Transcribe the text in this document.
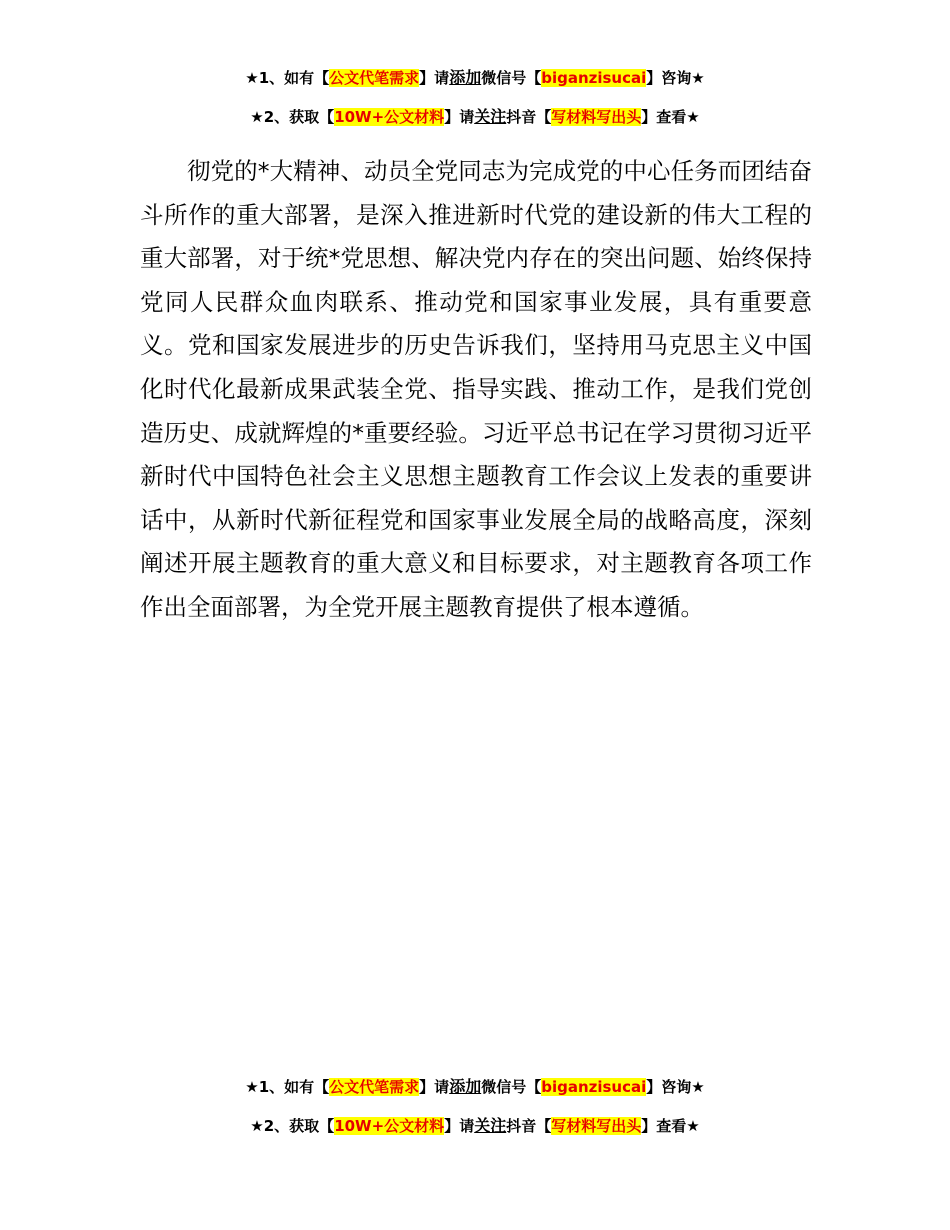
★1、如有【公文代笔需求】请添加微信号【biganzisucai】咨询★
★2、获取【10W+公文材料】请关注抖音【写材料写出头】查看★

彻党的*大精神、动员全党同志为完成党的中心任务而团结奋斗所作的重大部署，是深入推进新时代党的建设新的伟大工程的重大部署，对于统*党思想、解决党内存在的突出问题、始终保持党同人民群众血肉联系、推动党和国家事业发展，具有重要意义。党和国家发展进步的历史告诉我们，坚持用马克思主义中国化时代化最新成果武装全党、指导实践、推动工作，是我们党创造历史、成就辉煌的*重要经验。习近平总书记在学习贯彻习近平新时代中国特色社会主义思想主题教育工作会议上发表的重要讲话中，从新时代新征程党和国家事业发展全局的战略高度，深刻阐述开展主题教育的重大意义和目标要求，对主题教育各项工作作出全面部署，为全党开展主题教育提供了根本遵循。

★1、如有【公文代笔需求】请添加微信号【biganzisucai】咨询★
★2、获取【10W+公文材料】请关注抖音【写材料写出头】查看★
